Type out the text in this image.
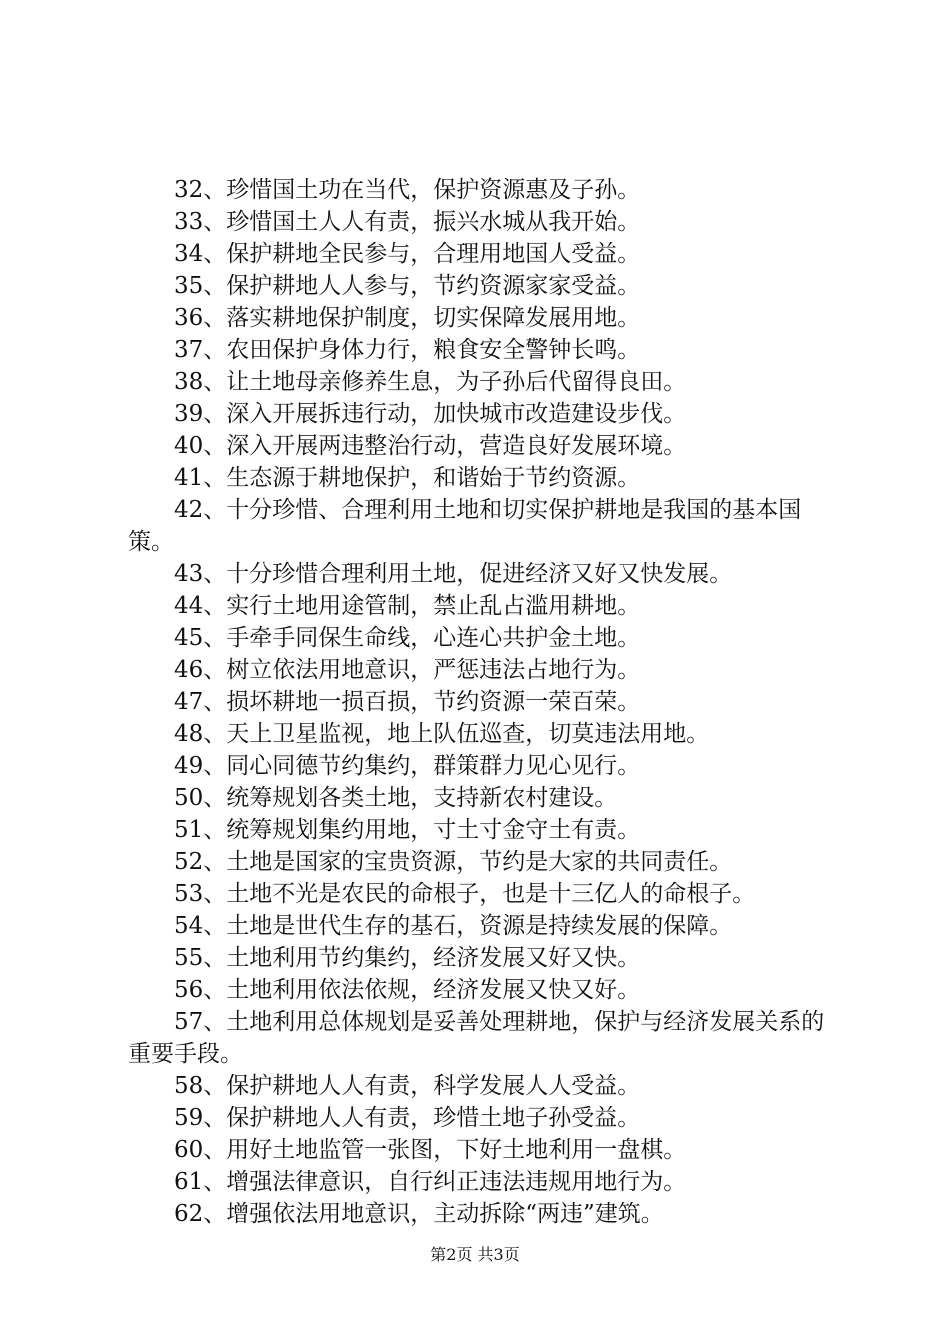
32、珍惜国土功在当代，保护资源惠及子孙。

33、珍惜国土人人有责，振兴水城从我开始。

34、保护耕地全民参与，合理用地国人受益。

35、保护耕地人人参与，节约资源家家受益。

36、落实耕地保护制度，切实保障发展用地。

37、农田保护身体力行，粮食安全警钟长鸣。

38、让土地母亲修养生息，为子孙后代留得良田。

39、深入开展拆违行动，加快城市改造建设步伐。

40、深入开展两违整治行动，营造良好发展环境。

41、生态源于耕地保护，和谐始于节约资源。

42、十分珍惜、合理利用土地和切实保护耕地是我国的基本国策。

43、十分珍惜合理利用土地，促进经济又好又快发展。

44、实行土地用途管制，禁止乱占滥用耕地。

45、手牵手同保生命线，心连心共护金土地。

46、树立依法用地意识，严惩违法占地行为。

47、损坏耕地一损百损，节约资源一荣百荣。

48、天上卫星监视，地上队伍巡查，切莫违法用地。

49、同心同德节约集约，群策群力见心见行。

50、统筹规划各类土地，支持新农村建设。

51、统筹规划集约用地，寸土寸金守土有责。

52、土地是国家的宝贵资源，节约是大家的共同责任。

53、土地不光是农民的命根子，也是十三亿人的命根子。

54、土地是世代生存的基石，资源是持续发展的保障。

55、土地利用节约集约，经济发展又好又快。

56、土地利用依法依规，经济发展又快又好。

57、土地利用总体规划是妥善处理耕地，保护与经济发展关系的重要手段。

58、保护耕地人人有责，科学发展人人受益。

59、保护耕地人人有责，珍惜土地子孙受益。

60、用好土地监管一张图，下好土地利用一盘棋。

61、增强法律意识，自行纠正违法违规用地行为。

62、增强依法用地意识，主动拆除“两违”建筑。

第2页 共3页
